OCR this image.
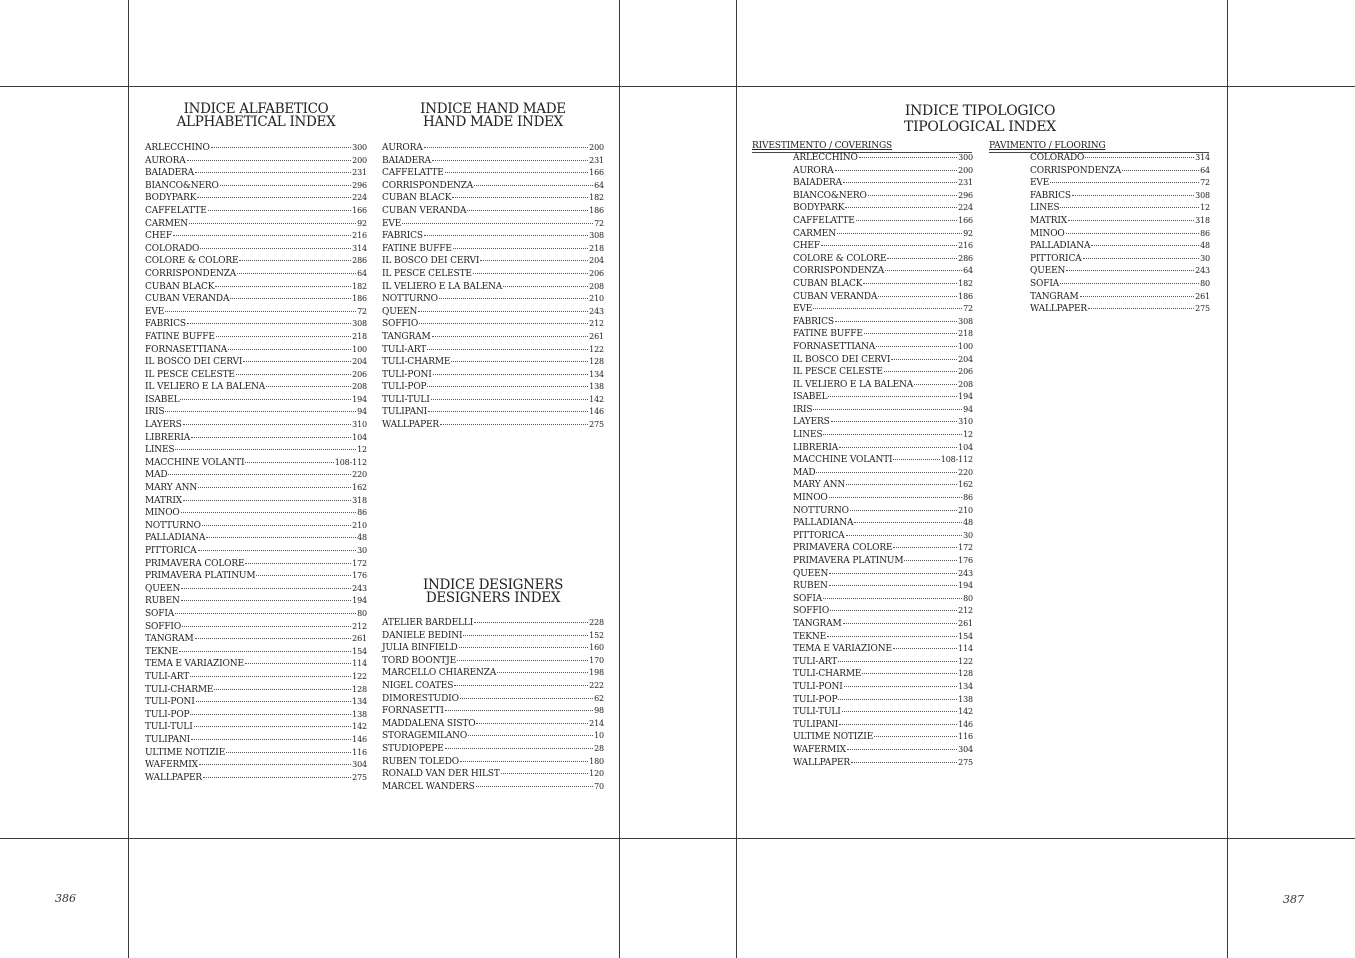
INDICE ALFABETICO
ALPHABETICAL INDEX
ARLECCHINO	300
AURORA	200
BAIADERA	231
BIANCO&NERO	296
BODYPARK	224
CAFFELATTE	166
CARMEN	92
CHEF	216
COLORADO	314
COLORE & COLORE	286
CORRISPONDENZA	64
CUBAN BLACK	182
CUBAN VERANDA	186
EVE	72
FABRICS	308
FATINE BUFFE	218
FORNASETTIANA	100
IL BOSCO DEI CERVI	204
IL PESCE CELESTE	206
IL VELIERO E LA BALENA	208
ISABEL	194
IRIS	94
LAYERS	310
LIBRERIA	104
LINES	12
MACCHINE VOLANTI	108-112
MAD	220
MARY ANN	162
MATRIX	318
MINOO	86
NOTTURNO	210
PALLADIANA	48
PITTORICA	30
PRIMAVERA COLORE	172
PRIMAVERA PLATINUM	176
QUEEN	243
RUBEN	194
SOFIA	80
SOFFIO	212
TANGRAM	261
TEKNE	154
TEMA E VARIAZIONE	114
TULI-ART	122
TULI-CHARME	128
TULI-PONI	134
TULI-POP	138
TULI-TULI	142
TULIPANI	146
ULTIME NOTIZIE	116
WAFERMIX	304
WALLPAPER	275
INDICE HAND MADE
HAND MADE INDEX
AURORA	200
BAIADERA	231
CAFFELATTE	166
CORRISPONDENZA	64
CUBAN BLACK	182
CUBAN VERANDA	186
EVE	72
FABRICS	308
FATINE BUFFE	218
IL BOSCO DEI CERVI	204
IL PESCE CELESTE	206
IL VELIERO E LA BALENA	208
NOTTURNO	210
QUEEN	243
SOFFIO	212
TANGRAM	261
TULI-ART	122
TULI-CHARME	128
TULI-PONI	134
TULI-POP	138
TULI-TULI	142
TULIPANI	146
WALLPAPER	275
INDICE DESIGNERS
DESIGNERS INDEX
ATELIER BARDELLI	228
DANIELE BEDINI	152
JULIA BINFIELD	160
TORD BOONTJE	170
MARCELLO CHIARENZA	198
NIGEL COATES	222
DIMORESTUDIO	62
FORNASETTI	98
MADDALENA SISTO	214
STORAGEMILANO	10
STUDIOPEPE	28
RUBEN TOLEDO	180
RONALD VAN DER HILST	120
MARCEL WANDERS	70
386
INDICE TIPOLOGICO
TIPOLOGICAL INDEX
RIVESTIMENTO / COVERINGS
ARLECCHINO	300
AURORA	200
BAIADERA	231
BIANCO&NERO	296
BODYPARK	224
CAFFELATTE	166
CARMEN	92
CHEF	216
COLORE & COLORE	286
CORRISPONDENZA	64
CUBAN BLACK	182
CUBAN VERANDA	186
EVE	72
FABRICS	308
FATINE BUFFE	218
FORNASETTIANA	100
IL BOSCO DEI CERVI	204
IL PESCE CELESTE	206
IL VELIERO E LA BALENA	208
ISABEL	194
IRIS	94
LAYERS	310
LINES	12
LIBRERIA	104
MACCHINE VOLANTI	108-112
MAD	220
MARY ANN	162
MINOO	86
NOTTURNO	210
PALLADIANA	48
PITTORICA	30
PRIMAVERA COLORE	172
PRIMAVERA PLATINUM	176
QUEEN	243
RUBEN	194
SOFIA	80
SOFFIO	212
TANGRAM	261
TEKNE	154
TEMA E VARIAZIONE	114
TULI-ART	122
TULI-CHARME	128
TULI-PONI	134
TULI-POP	138
TULI-TULI	142
TULIPANI	146
ULTIME NOTIZIE	116
WAFERMIX	304
WALLPAPER	275
PAVIMENTO / FLOORING
COLORADO	314
CORRISPONDENZA	64
EVE	72
FABRICS	308
LINES	12
MATRIX	318
MINOO	86
PALLADIANA	48
PITTORICA	30
QUEEN	243
SOFIA	80
TANGRAM	261
WALLPAPER	275
387
